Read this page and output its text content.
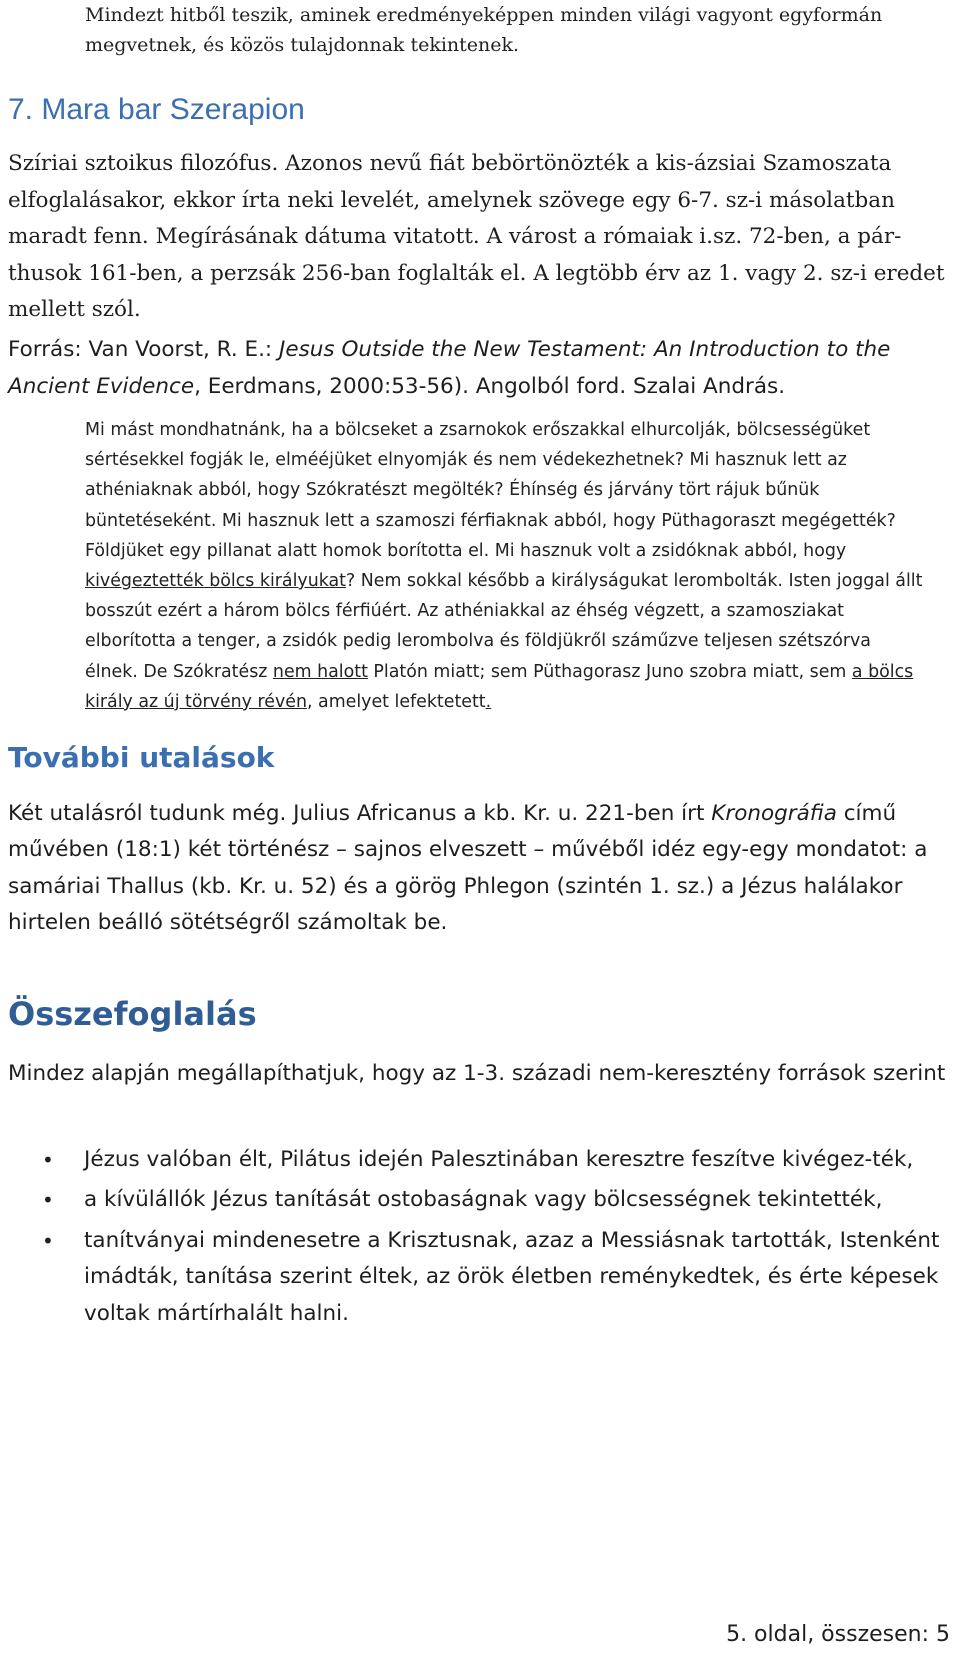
Mindezt hitből teszik, aminek eredményeképpen minden világi vagyont egyformán
megvetnek, és közös tulajdonnak tekintenek.
7. Mara bar Szerapion

Szíriai sztoikus filozófus. Azonos nevű fiát bebörtönözték a kis-ázsiai Szamoszata elfoglalásakor, ekkor írta neki levelét, amelynek szövege egy 6-7. sz-i másolatban maradt fenn. Megírásának dátuma vitatott. A várost a rómaiak i.sz. 72-ben, a pár-thusok 161-ben, a perzsák 256-ban foglalták el. A legtöbb érv az 1. vagy 2. sz-i eredet mellett szól.

Forrás: Van Voorst, R. E.: Jesus Outside the New Testament: An Introduction to the Ancient Evidence, Eerdmans, 2000:53-56). Angolból ford. Szalai András.

Mi mást mondhatnánk, ha a bölcseket a zsarnokok erőszakkal elhurcolják, bölcsességüket sértésekkel fogják le, elmééjüket elnyomják és nem védekezhetnek? Mi hasznuk lett az athéniaknak abból, hogy Szókratészt megölték? Éhínség és járvány tört rájuk bűnük büntetéseként. Mi hasznuk lett a szamoszi férfiaknak abból, hogy Püthagoraszt megégették? Földjüket egy pillanat alatt homok borította el. Mi hasznuk volt a zsidóknak abból, hogy kivégeztették bölcs királyukat? Nem sokkal később a királyságukat lerombolták. Isten joggal állt bosszút ezért a három bölcs férfiúért. Az athéniakkal az éhség végzett, a szamosziakat elborította a tenger, a zsidók pedig lerombolva és földjükről száműzve teljesen szétszórva élnek. De Szókratész nem halott Platón miatt; sem Püthagorasz Juno szobra miatt, sem a bölcs király az új törvény révén, amelyet lefektetett.

További utalások

Két utalásról tudunk még. Julius Africanus a kb. Kr. u. 221-ben írt Kronográfia című művében (18:1) két történész – sajnos elveszett – művéből idéz egy-egy mondatot: a samáriai Thallus (kb. Kr. u. 52) és a görög Phlegon (szintén 1. sz.) a Jézus halálakor hirtelen beálló sötétségről számoltak be.

Összefoglalás

Mindez alapján megállapíthatjuk, hogy az 1-3. századi nem-keresztény források szerint

• Jézus valóban élt, Pilátus idején Palesztinában keresztre feszítve kivégez-ték,
• a kívülállók Jézus tanítását ostobaságnak vagy bölcsességnek tekintették,
• tanítványai mindenesetre a Krisztusnak, azaz a Messiásnak tartották, Istenként imádták, tanítása szerint éltek, az örök életben reménykedtek, és érte képesek voltak mártírhalált halni.

5. oldal, összesen: 5
